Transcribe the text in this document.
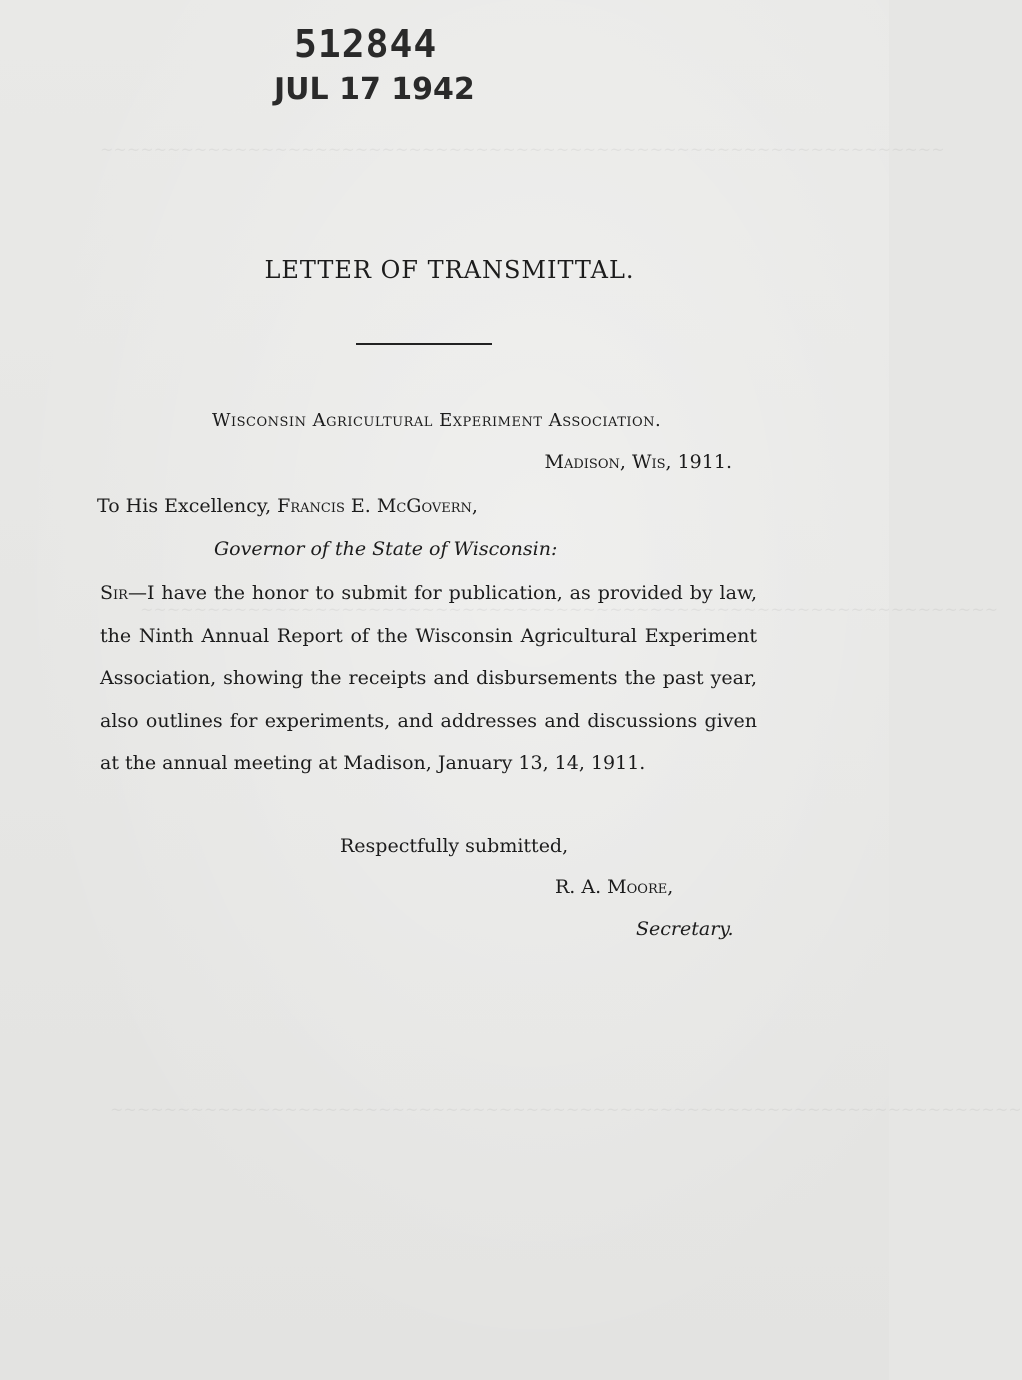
~~~~~~~~~~~~~~~~~~~~~~~~~~~~~~~~~~~~~~~~~~~~~~~~~~~~~~~~~~~~~~~
~~~~~~~~~~~~~~~~~~~~~~~~~~~~~~~~~~~~~~~~~~~~~~~~~~~~~~~~~~~~~~~~
~~~~~~~~~~~~~~~~~~~~~~~~~~~~~~~~~~~~~~~~~~~~~~~~~~~~~~~~~~~~~~~~~~~~
512844
JUL 17 1942
LETTER OF TRANSMITTAL.
Wisconsin Agricultural Experiment Association.
Madison, Wis, 1911.
To His Excellency, Francis E. McGovern,
Governor of the State of Wisconsin:
Sir—I have the honor to submit for publication, as provided by law, the Ninth Annual Report of the Wisconsin Agricultural Experiment Association, showing the receipts and disbursements the past year, also outlines for experiments, and addresses and discussions given at the annual meeting at Madison, January 13, 14, 1911.
Respectfully submitted,
R. A. Moore,
Secretary.
